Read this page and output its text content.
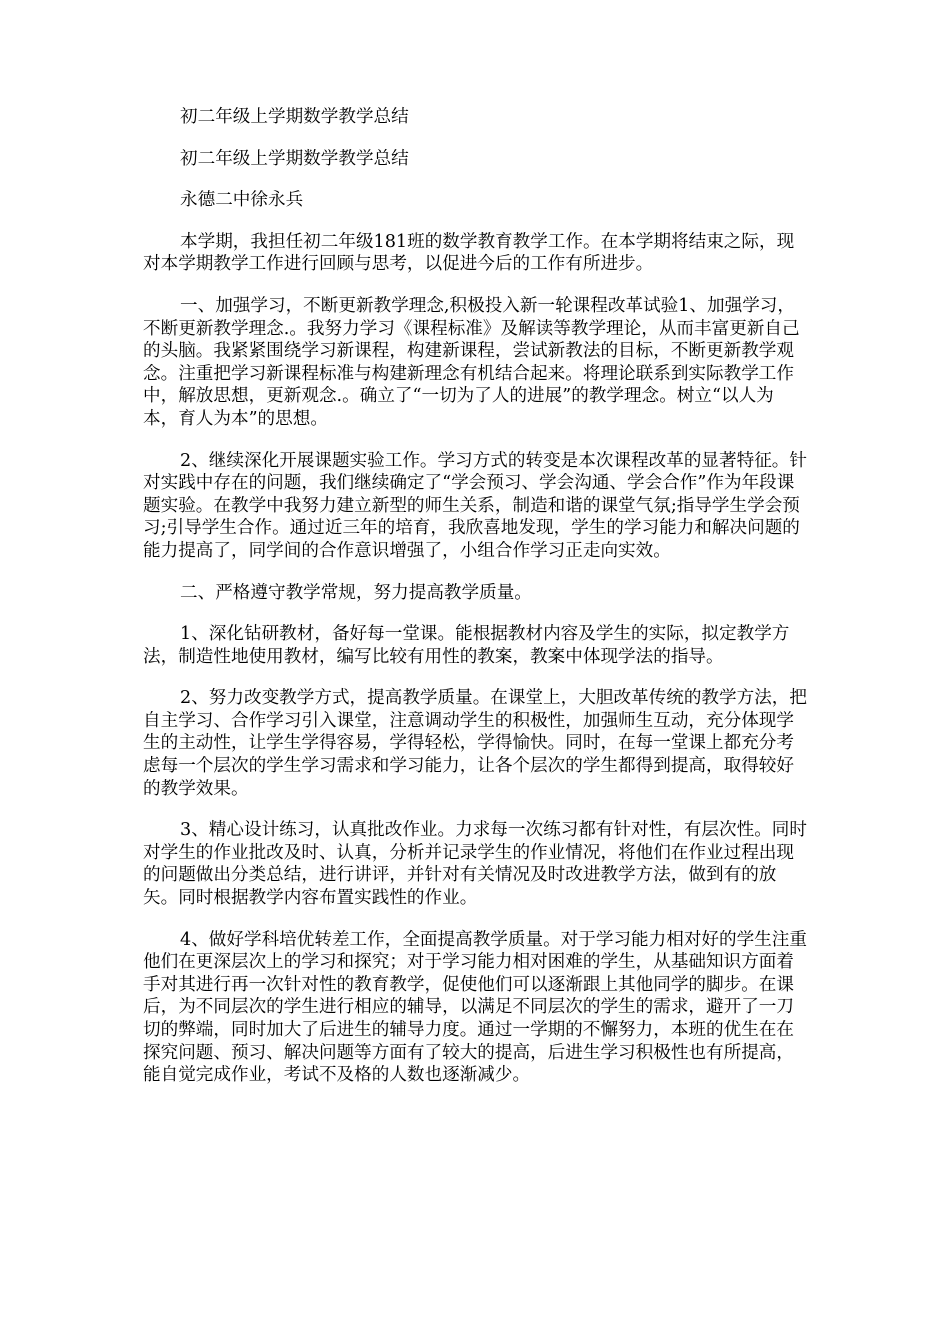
初二年级上学期数学教学总结

初二年级上学期数学教学总结

永德二中徐永兵

本学期，我担任初二年级181班的数学教育教学工作。在本学期将结束之际，现对本学期教学工作进行回顾与思考，以促进今后的工作有所进步。

一、加强学习，不断更新教学理念,积极投入新一轮课程改革试验1、加强学习，不断更新教学理念.。我努力学习《课程标准》及解读等教学理论，从而丰富更新自己的头脑。我紧紧围绕学习新课程，构建新课程，尝试新教法的目标，不断更新教学观念。注重把学习新课程标准与构建新理念有机结合起来。将理论联系到实际教学工作中，解放思想，更新观念.。确立了“一切为了人的进展”的教学理念。树立“以人为本，育人为本”的思想。

2、继续深化开展课题实验工作。学习方式的转变是本次课程改革的显著特征。针对实践中存在的问题，我们继续确定了“学会预习、学会沟通、学会合作”作为年段课题实验。在教学中我努力建立新型的师生关系，制造和谐的课堂气氛;指导学生学会预习;引导学生合作。通过近三年的培育，我欣喜地发现，学生的学习能力和解决问题的能力提高了，同学间的合作意识增强了，小组合作学习正走向实效。

二、严格遵守教学常规，努力提高教学质量。

1、深化钻研教材，备好每一堂课。能根据教材内容及学生的实际，拟定教学方法，制造性地使用教材，编写比较有用性的教案，教案中体现学法的指导。

2、努力改变教学方式，提高教学质量。在课堂上，大胆改革传统的教学方法，把自主学习、合作学习引入课堂，注意调动学生的积极性，加强师生互动，充分体现学生的主动性，让学生学得容易，学得轻松，学得愉快。同时，在每一堂课上都充分考虑每一个层次的学生学习需求和学习能力，让各个层次的学生都得到提高，取得较好的教学效果。

3、精心设计练习，认真批改作业。力求每一次练习都有针对性，有层次性。同时对学生的作业批改及时、认真，分析并记录学生的作业情况，将他们在作业过程出现的问题做出分类总结，进行讲评，并针对有关情况及时改进教学方法，做到有的放矢。同时根据教学内容布置实践性的作业。

4、做好学科培优转差工作，全面提高教学质量。对于学习能力相对好的学生注重他们在更深层次上的学习和探究；对于学习能力相对困难的学生，从基础知识方面着手对其进行再一次针对性的教育教学，促使他们可以逐渐跟上其他同学的脚步。在课后，为不同层次的学生进行相应的辅导，以满足不同层次的学生的需求，避开了一刀切的弊端，同时加大了后进生的辅导力度。通过一学期的不懈努力，本班的优生在在探究问题、预习、解决问题等方面有了较大的提高，后进生学习积极性也有所提高，能自觉完成作业，考试不及格的人数也逐渐减少。
